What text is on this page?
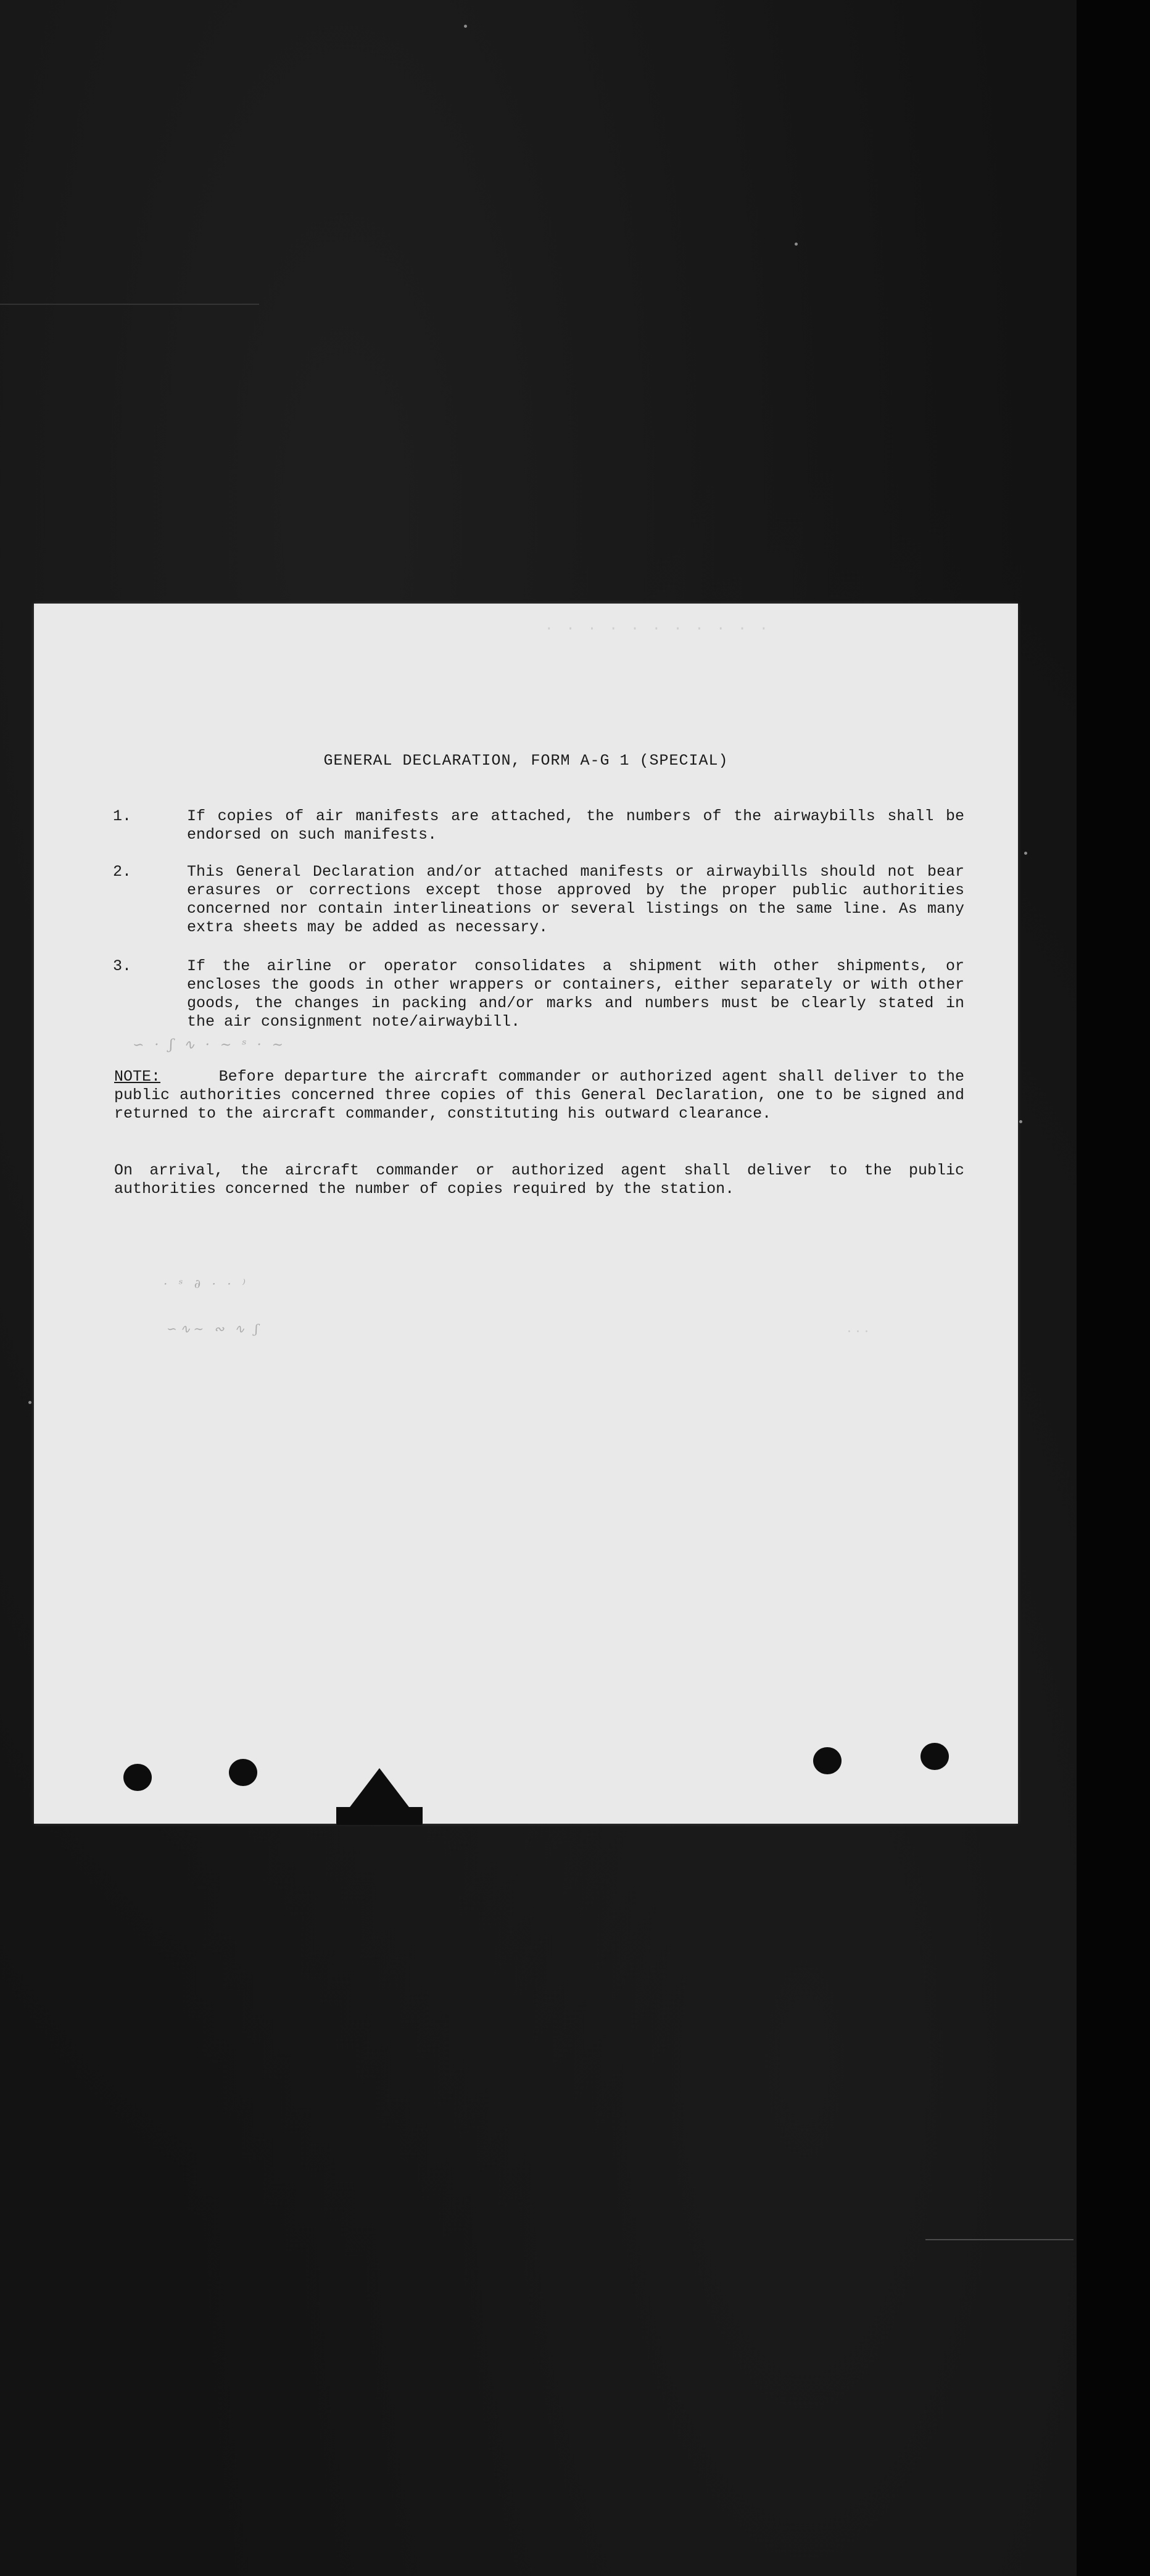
· · · · · · · · · · ·
GENERAL DECLARATION, FORM A-G 1 (SPECIAL)
1.	If copies of air manifests are attached, the numbers of the airwaybills shall be endorsed on such manifests.
2.	This General Declaration and/or attached manifests or airwaybills should not bear erasures or corrections except those approved by the proper public authorities concerned nor contain interlineations or several listings on the same line. As many extra sheets may be added as necessary.
3.	If the airline or operator consolidates a shipment with other shipments, or encloses the goods in other wrappers or containers, either separately or with other goods, the changes in packing and/or marks and numbers must be clearly stated in the air consignment note/airwaybill.
∽ · ʃ ∿ · ~ ˢ · ~
NOTE:	Before departure the aircraft commander or authorized agent shall deliver to the public authorities concerned three copies of this General Declaration, one to be signed and returned to the aircraft commander, constituting his outward clearance.
On arrival, the aircraft commander or authorized agent shall deliver to the public authorities concerned the number of copies required by the station.
· ˢ ∂ · · ⁾
∽∿∼ ∾ ∿ ʃ	· · ·
